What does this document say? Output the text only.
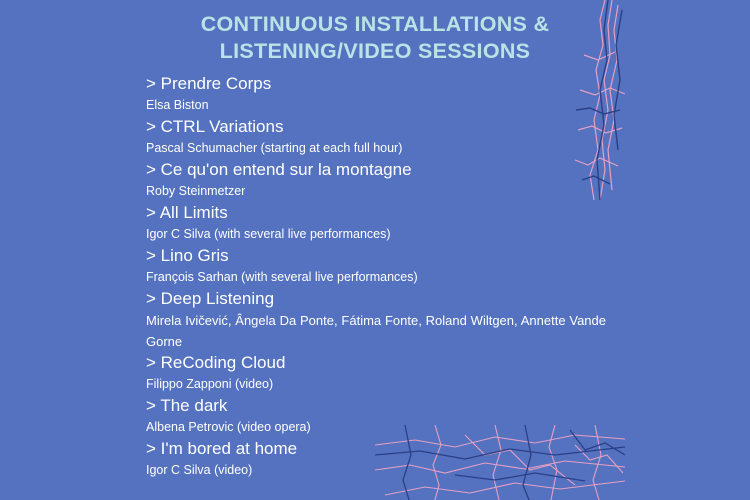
CONTINUOUS INSTALLATIONS &
LISTENING/VIDEO SESSIONS
> Prendre Corps
Elsa Biston
> CTRL Variations
Pascal Schumacher (starting at each full hour)
> Ce qu'on entend sur la montagne
Roby Steinmetzer
> All Limits
Igor C Silva (with several live performances)
> Lino Gris
François Sarhan (with several live performances)
> Deep Listening
Mirela Ivičević, Ângela Da Ponte, Fátima Fonte, Roland Wiltgen, Annette Vande Gorne
> ReCoding Cloud
Filippo Zapponi (video)
> The dark
Albena Petrovic (video opera)
> I'm bored at home
Igor C Silva (video)
